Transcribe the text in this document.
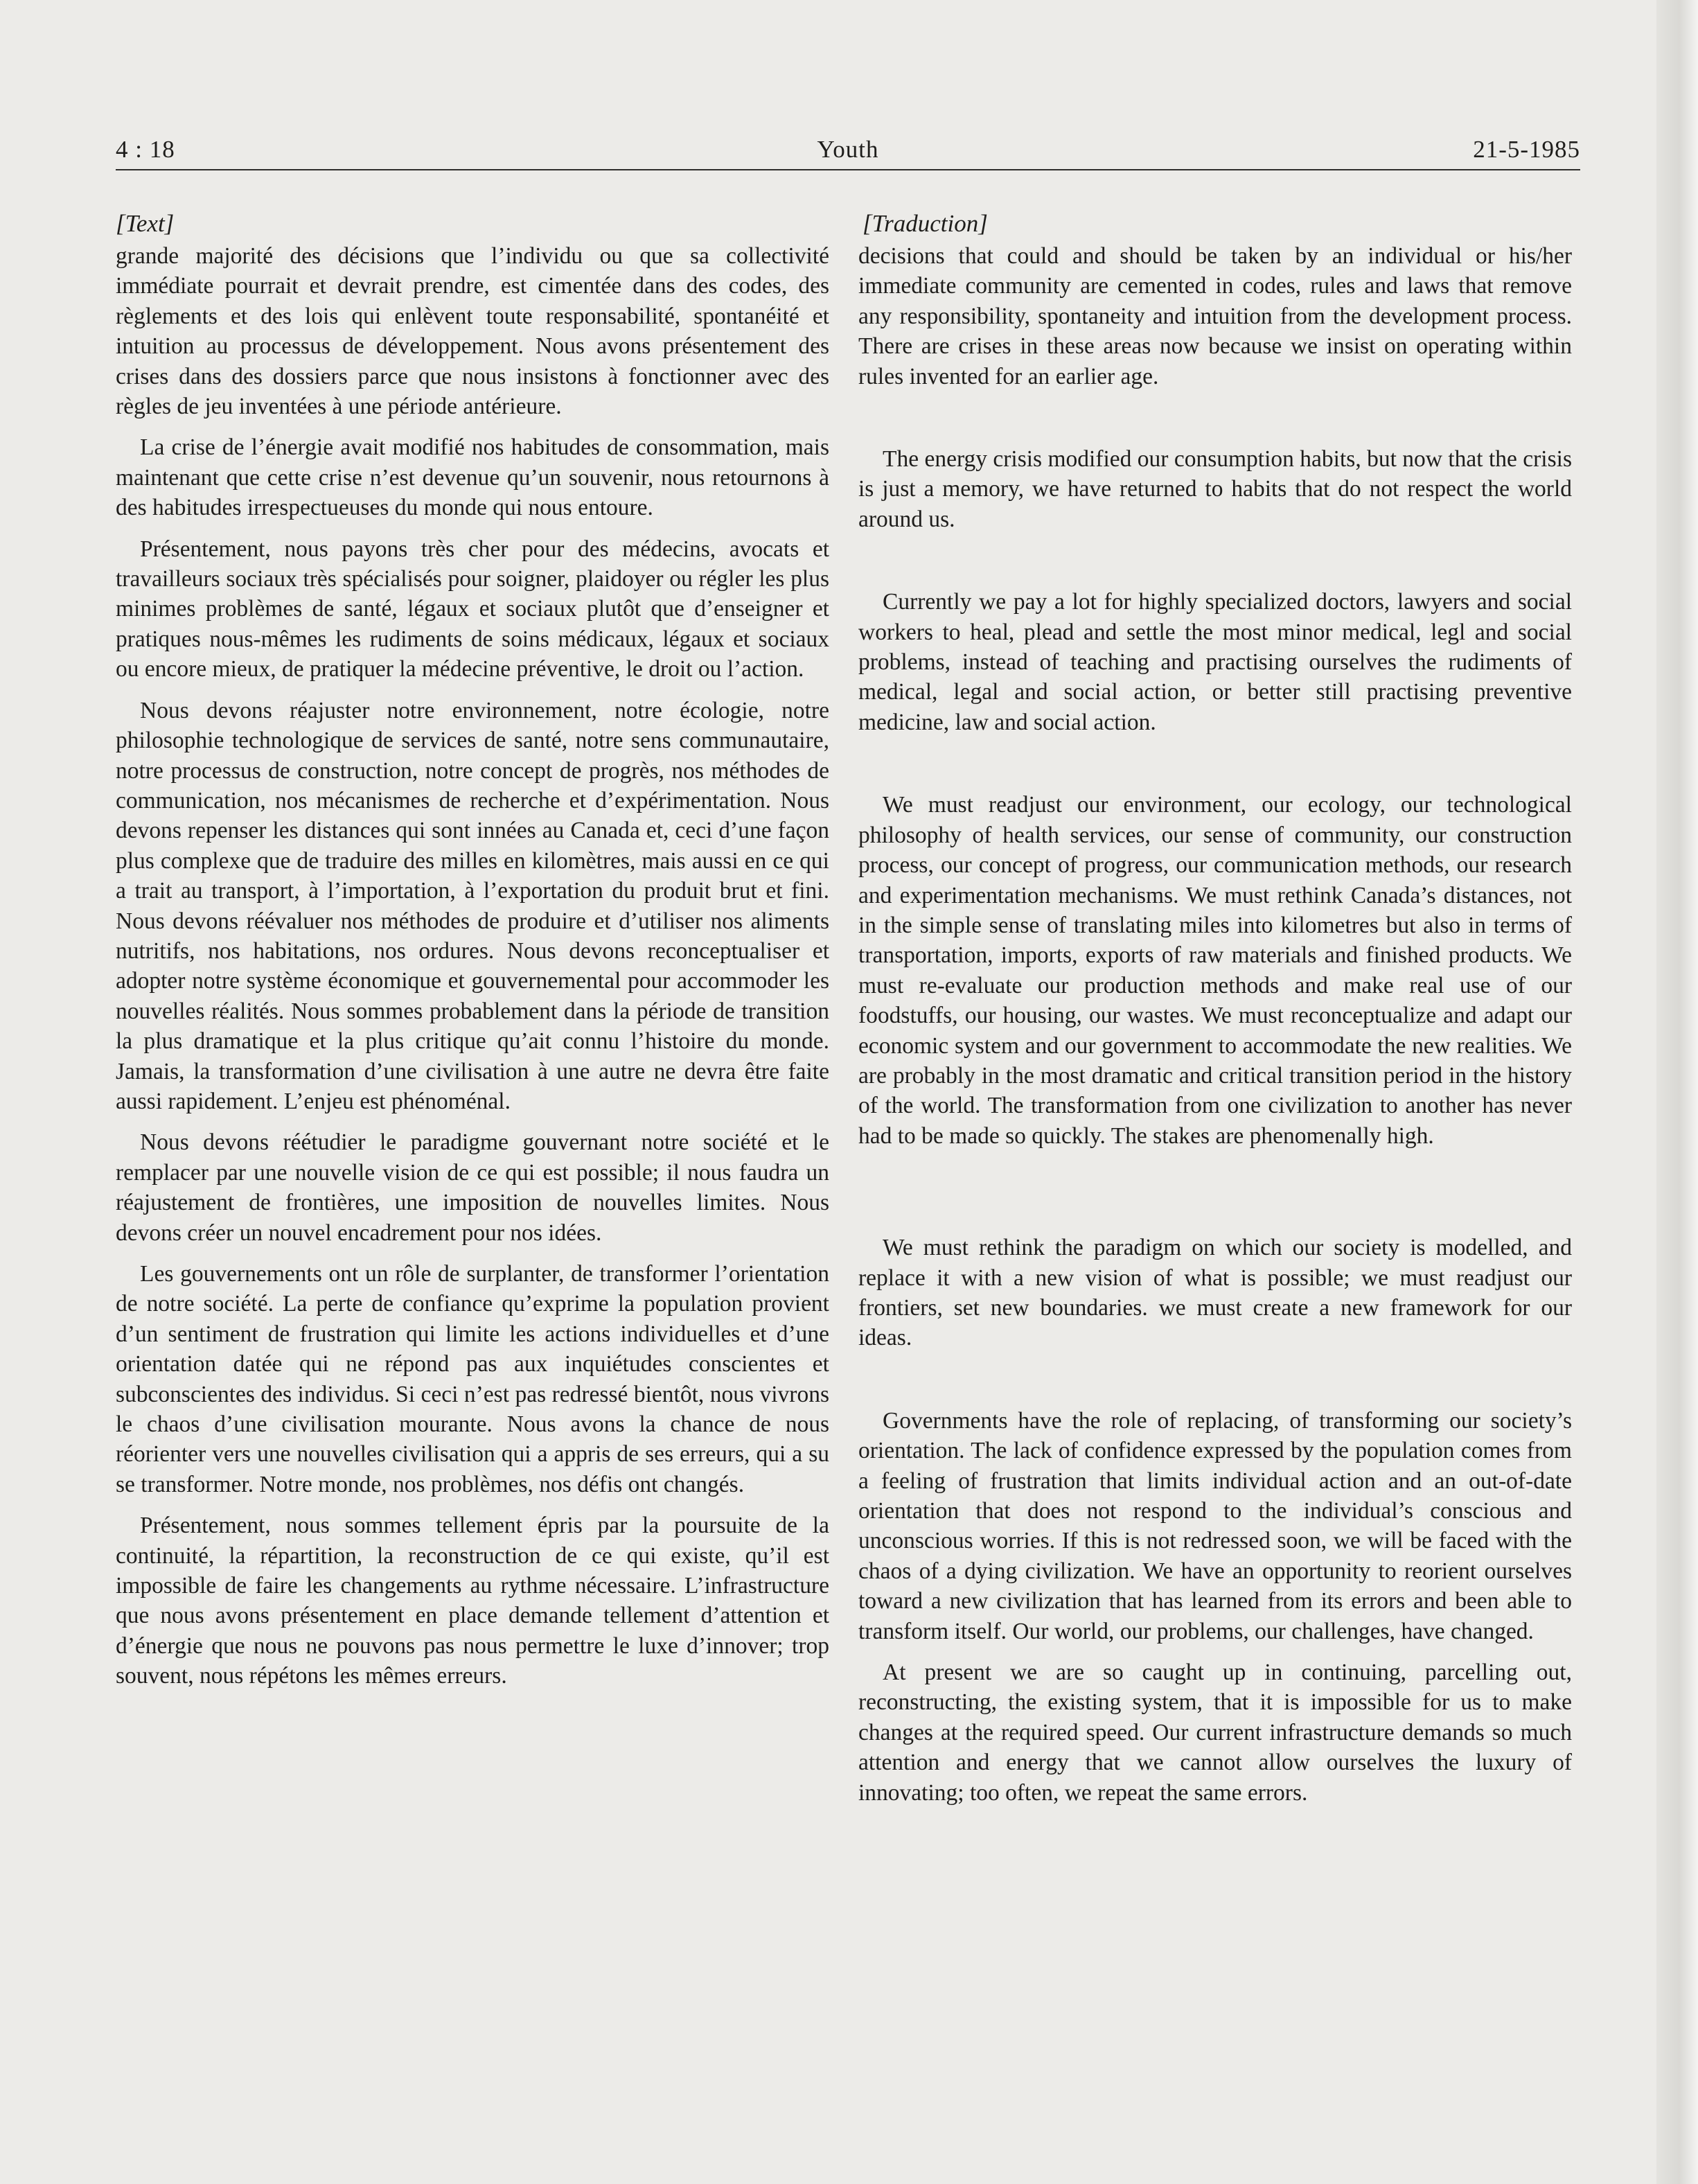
4 : 18	Youth	21-5-1985
[Text]

grande majorité des décisions que l’individu ou que sa collectivité immédiate pourrait et devrait prendre, est cimentée dans des codes, des règlements et des lois qui enlèvent toute responsabilité, spontanéité et intuition au processus de développement. Nous avons présentement des crises dans des dossiers parce que nous insistons à fonctionner avec des règles de jeu inventées à une période antérieure.

La crise de l’énergie avait modifié nos habitudes de consommation, mais maintenant que cette crise n’est devenue qu’un souvenir, nous retournons à des habitudes irrespectueuses du monde qui nous entoure.

Présentement, nous payons très cher pour des médecins, avocats et travailleurs sociaux très spécialisés pour soigner, plaidoyer ou régler les plus minimes problèmes de santé, légaux et sociaux plutôt que d’enseigner et pratiques nous-mêmes les rudiments de soins médicaux, légaux et sociaux ou encore mieux, de pratiquer la médecine préventive, le droit ou l’action.

Nous devons réajuster notre environnement, notre écologie, notre philosophie technologique de services de santé, notre sens communautaire, notre processus de construction, notre concept de progrès, nos méthodes de communication, nos mécanismes de recherche et d’expérimentation. Nous devons repenser les distances qui sont innées au Canada et, ceci d’une façon plus complexe que de traduire des milles en kilomètres, mais aussi en ce qui a trait au transport, à l’importation, à l’exportation du produit brut et fini. Nous devons réévaluer nos méthodes de produire et d’utiliser nos aliments nutritifs, nos habitations, nos ordures. Nous devons reconceptualiser et adopter notre système économique et gouvernemental pour accommoder les nouvelles réalités. Nous sommes probablement dans la période de transition la plus dramatique et la plus critique qu’ait connu l’histoire du monde. Jamais, la transformation d’une civilisation à une autre ne devra être faite aussi rapidement. L’enjeu est phénoménal.

Nous devons réétudier le paradigme gouvernant notre société et le remplacer par une nouvelle vision de ce qui est possible; il nous faudra un réajustement de frontières, une imposition de nouvelles limites. Nous devons créer un nouvel encadrement pour nos idées.

Les gouvernements ont un rôle de surplanter, de transformer l’orientation de notre société. La perte de confiance qu’exprime la population provient d’un sentiment de frustration qui limite les actions individuelles et d’une orientation datée qui ne répond pas aux inquiétudes conscientes et subconscientes des individus. Si ceci n’est pas redressé bientôt, nous vivrons le chaos d’une civilisation mourante. Nous avons la chance de nous réorienter vers une nouvelles civilisation qui a appris de ses erreurs, qui a su se transformer. Notre monde, nos problèmes, nos défis ont changés.

Présentement, nous sommes tellement épris par la poursuite de la continuité, la répartition, la reconstruction de ce qui existe, qu’il est impossible de faire les changements au rythme nécessaire. L’infrastructure que nous avons présentement en place demande tellement d’attention et d’énergie que nous ne pouvons pas nous permettre le luxe d’innover; trop souvent, nous répétons les mêmes erreurs.

[Traduction]

decisions that could and should be taken by an individual or his/her immediate community are cemented in codes, rules and laws that remove any responsibility, spontaneity and intuition from the development process. There are crises in these areas now because we insist on operating within rules invented for an earlier age.

The energy crisis modified our consumption habits, but now that the crisis is just a memory, we have returned to habits that do not respect the world around us.

Currently we pay a lot for highly specialized doctors, lawyers and social workers to heal, plead and settle the most minor medical, legl and social problems, instead of teaching and practising ourselves the rudiments of medical, legal and social action, or better still practising preventive medicine, law and social action.

We must readjust our environment, our ecology, our technological philosophy of health services, our sense of community, our construction process, our concept of progress, our communication methods, our research and experimentation mechanisms. We must rethink Canada’s distances, not in the simple sense of translating miles into kilometres but also in terms of transportation, imports, exports of raw materials and finished products. We must re-evaluate our production methods and make real use of our foodstuffs, our housing, our wastes. We must reconceptualize and adapt our economic system and our government to accommodate the new realities. We are probably in the most dramatic and critical transition period in the history of the world. The transformation from one civilization to another has never had to be made so quickly. The stakes are phenomenally high.

We must rethink the paradigm on which our society is modelled, and replace it with a new vision of what is possible; we must readjust our frontiers, set new boundaries. we must create a new framework for our ideas.

Governments have the role of replacing, of transforming our society’s orientation. The lack of confidence expressed by the population comes from a feeling of frustration that limits individual action and an out-of-date orientation that does not respond to the individual’s conscious and unconscious worries. If this is not redressed soon, we will be faced with the chaos of a dying civilization. We have an opportunity to reorient ourselves toward a new civilization that has learned from its errors and been able to transform itself. Our world, our problems, our challenges, have changed.

At present we are so caught up in continuing, parcelling out, reconstructing, the existing system, that it is impossible for us to make changes at the required speed. Our current infrastructure demands so much attention and energy that we cannot allow ourselves the luxury of innovating; too often, we repeat the same errors.
